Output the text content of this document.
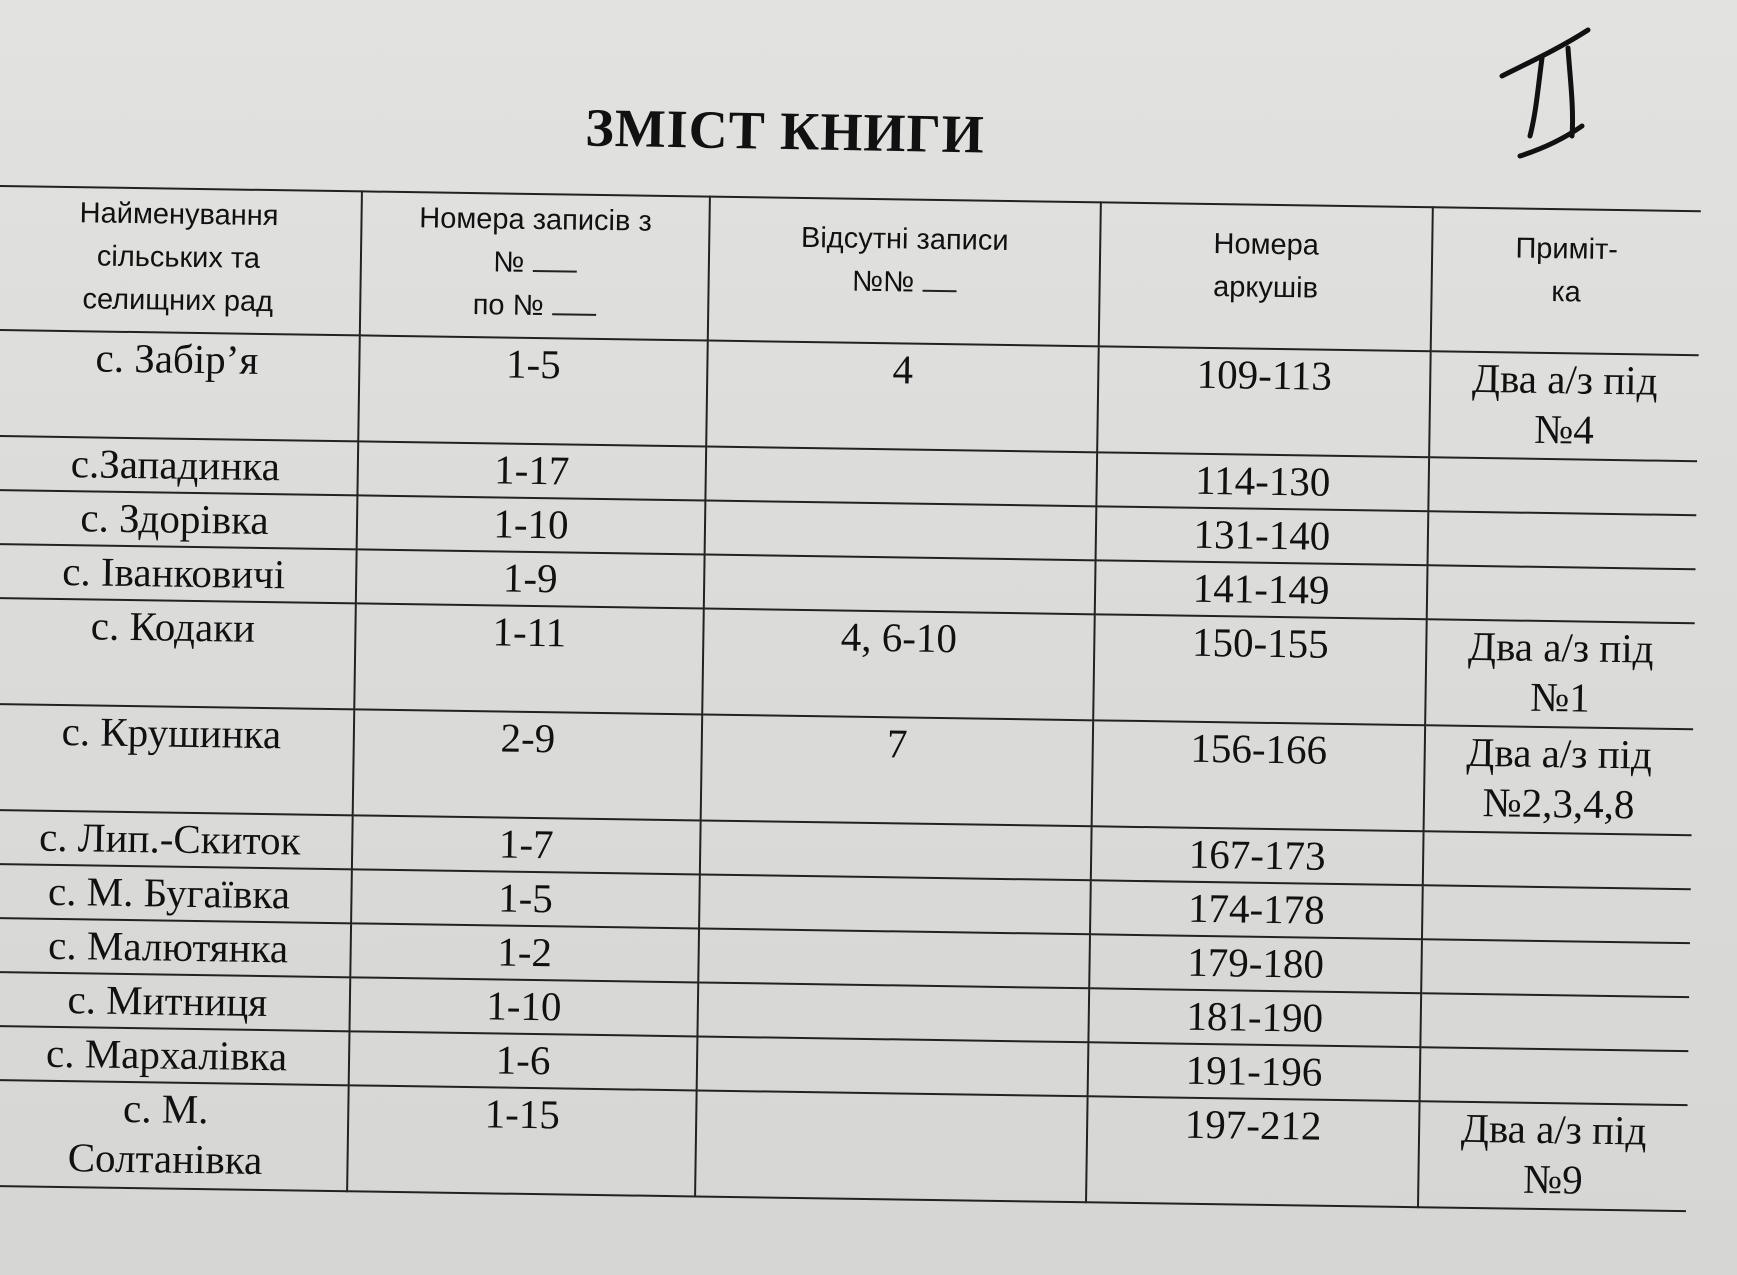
ЗМІСТ КНИГИ
Найменування
сільських та
селищних рад	Номера записів з
№
по №	Відсутні записи
№№	Номера
аркушів	Приміт-
ка

с. Забір’я	1-5	4	109-113	Два а/з під
№4

с.Западинка	1-17		114-130	
с. Здорівка	1-10		131-140	
с. Іванковичі	1-9		141-149	
с. Кодаки	1-11	4, 6-10	150-155	Два а/з під
№1

с. Крушинка	2-9	7	156-166	Два а/з під
№2,3,4,8

с. Лип.-Скиток	1-7		167-173	
с. М. Бугаївка	1-5		174-178	
с. Малютянка	1-2		179-180	
с. Митниця	1-10		181-190	
с. Мархалівка	1-6		191-196	

с. М.
Солтанівка	1-15		197-212	Два а/з під
№9
